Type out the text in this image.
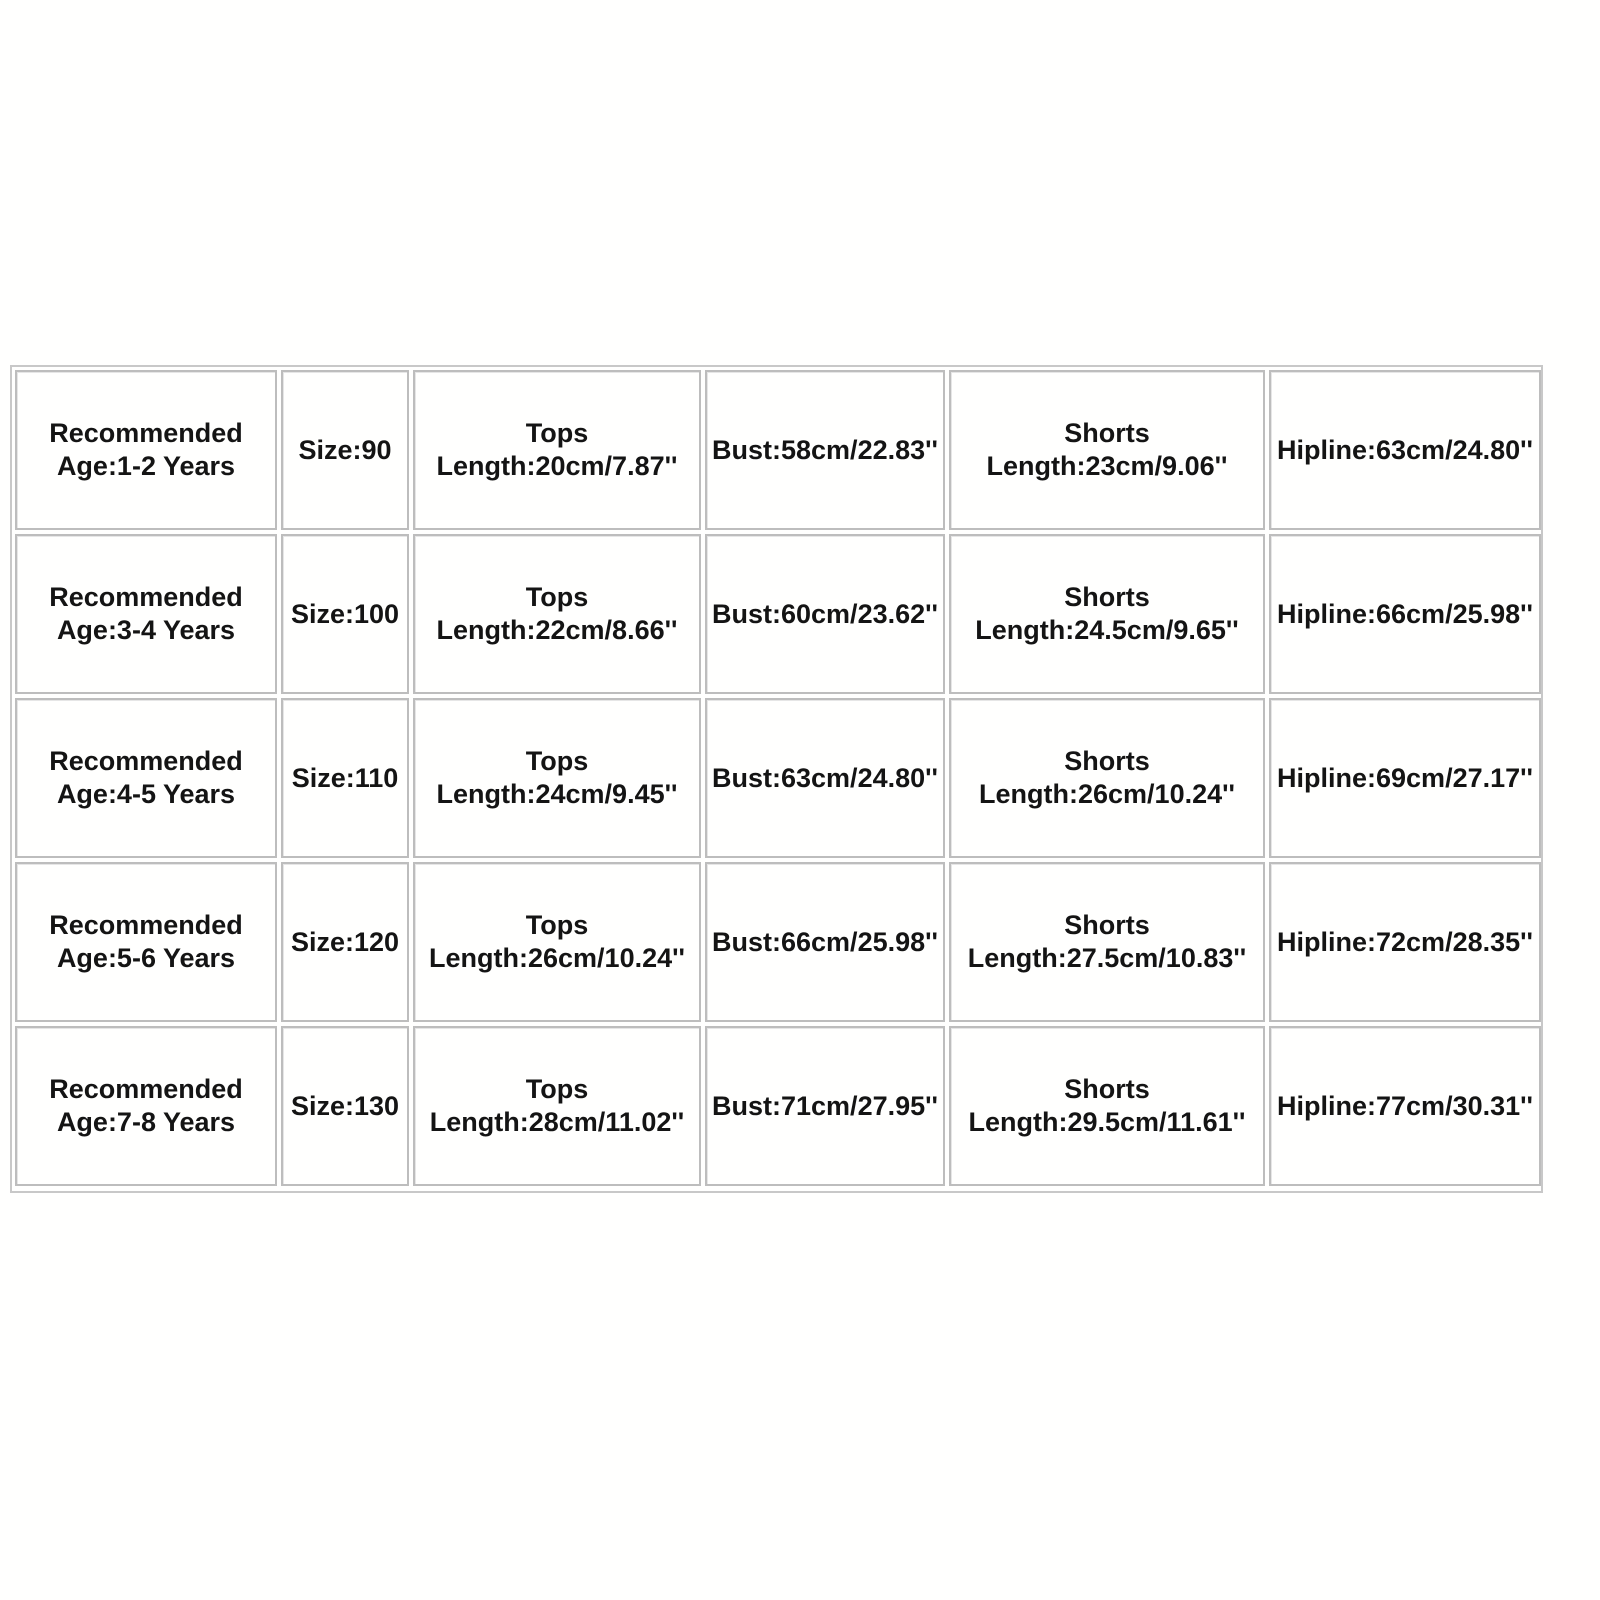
Recommended
Age:1-2 Years
Size:90
Tops
Length:20cm/7.87''
Bust:58cm/22.83''
Shorts
Length:23cm/9.06''
Hipline:63cm/24.80''
Recommended
Age:3-4 Years
Size:100
Tops
Length:22cm/8.66''
Bust:60cm/23.62''
Shorts
Length:24.5cm/9.65''
Hipline:66cm/25.98''
Recommended
Age:4-5 Years
Size:110
Tops
Length:24cm/9.45''
Bust:63cm/24.80''
Shorts
Length:26cm/10.24''
Hipline:69cm/27.17''
Recommended
Age:5-6 Years
Size:120
Tops
Length:26cm/10.24''
Bust:66cm/25.98''
Shorts
Length:27.5cm/10.83''
Hipline:72cm/28.35''
Recommended
Age:7-8 Years
Size:130
Tops
Length:28cm/11.02''
Bust:71cm/27.95''
Shorts
Length:29.5cm/11.61''
Hipline:77cm/30.31''
